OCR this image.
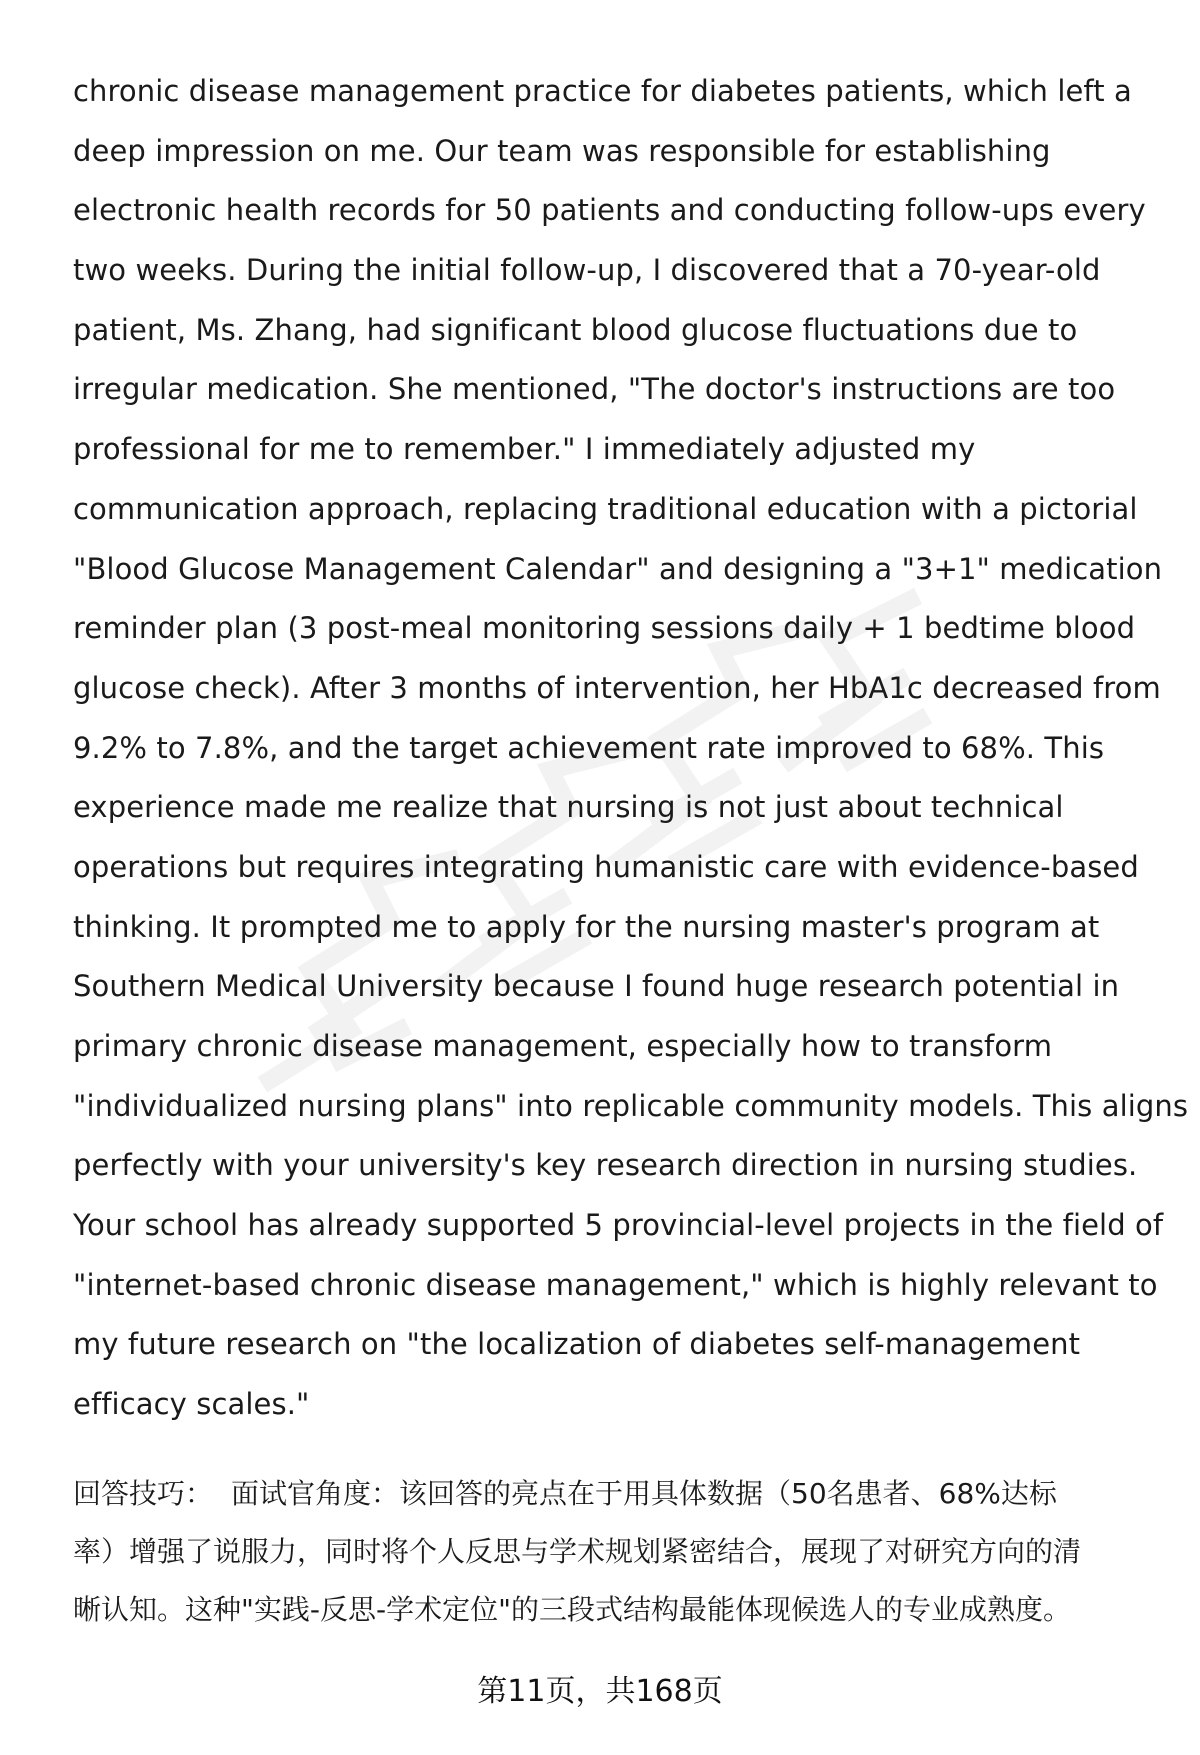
chronic disease management practice for diabetes patients, which left a
deep impression on me. Our team was responsible for establishing
electronic health records for 50 patients and conducting follow-ups every
two weeks. During the initial follow-up, I discovered that a 70-year-old
patient, Ms. Zhang, had significant blood glucose fluctuations due to
irregular medication. She mentioned, "The doctor's instructions are too
professional for me to remember." I immediately adjusted my
communication approach, replacing traditional education with a pictorial
"Blood Glucose Management Calendar" and designing a "3+1" medication
reminder plan (3 post-meal monitoring sessions daily + 1 bedtime blood
glucose check). After 3 months of intervention, her HbA1c decreased from
9.2% to 7.8%, and the target achievement rate improved to 68%. This
experience made me realize that nursing is not just about technical
operations but requires integrating humanistic care with evidence-based
thinking. It prompted me to apply for the nursing master's program at
Southern Medical University because I found huge research potential in
primary chronic disease management, especially how to transform
"individualized nursing plans" into replicable community models. This aligns
perfectly with your university's key research direction in nursing studies.
Your school has already supported 5 provincial-level projects in the field of
"internet-based chronic disease management," which is highly relevant to
my future research on "the localization of diabetes self-management
efficacy scales."
回答技巧： 面试官角度：该回答的亮点在于用具体数据（50名患者、68%达标
率）增强了说服力，同时将个人反思与学术规划紧密结合，展现了对研究方向的清
晰认知。这种"实践-反思-学术定位"的三段式结构最能体现候选人的专业成熟度。
第11页，共168页
